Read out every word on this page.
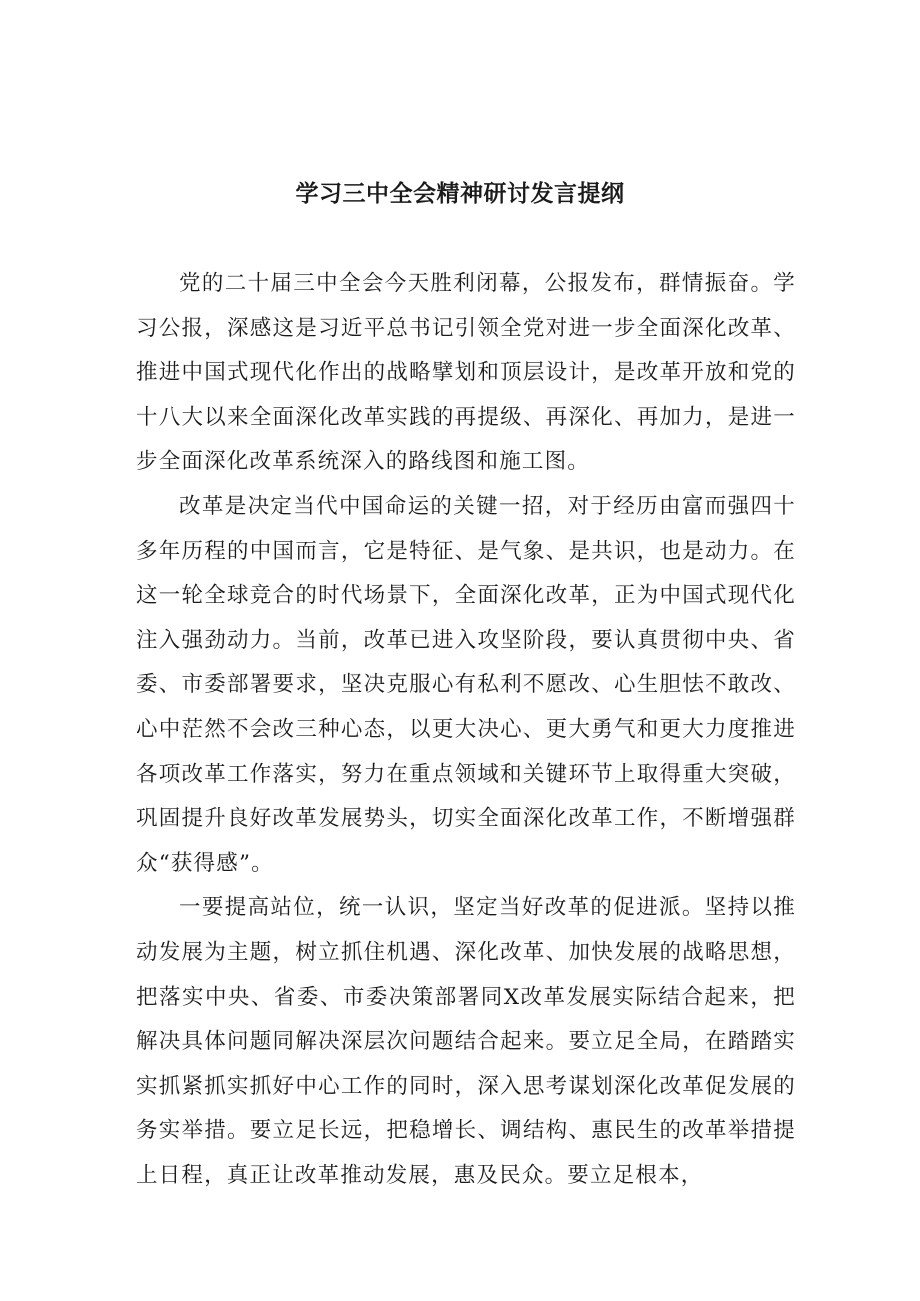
学习三中全会精神研讨发言提纲

党的二十届三中全会今天胜利闭幕，公报发布，群情振奋。学习公报，深感这是习近平总书记引领全党对进一步全面深化改革、推进中国式现代化作出的战略擘划和顶层设计，是改革开放和党的十八大以来全面深化改革实践的再提级、再深化、再加力，是进一步全面深化改革系统深入的路线图和施工图。

改革是决定当代中国命运的关键一招，对于经历由富而强四十多年历程的中国而言，它是特征、是气象、是共识，也是动力。在这一轮全球竞合的时代场景下，全面深化改革，正为中国式现代化注入强劲动力。当前，改革已进入攻坚阶段，要认真贯彻中央、省委、市委部署要求，坚决克服心有私利不愿改、心生胆怯不敢改、心中茫然不会改三种心态，以更大决心、更大勇气和更大力度推进各项改革工作落实，努力在重点领域和关键环节上取得重大突破，巩固提升良好改革发展势头，切实全面深化改革工作，不断增强群众“获得感”。

一要提高站位，统一认识，坚定当好改革的促进派。坚持以推动发展为主题，树立抓住机遇、深化改革、加快发展的战略思想，把落实中央、省委、市委决策部署同X改革发展实际结合起来，把解决具体问题同解决深层次问题结合起来。要立足全局，在踏踏实实抓紧抓实抓好中心工作的同时，深入思考谋划深化改革促发展的务实举措。要立足长远，把稳增长、调结构、惠民生的改革举措提上日程，真正让改革推动发展，惠及民众。要立足根本，
